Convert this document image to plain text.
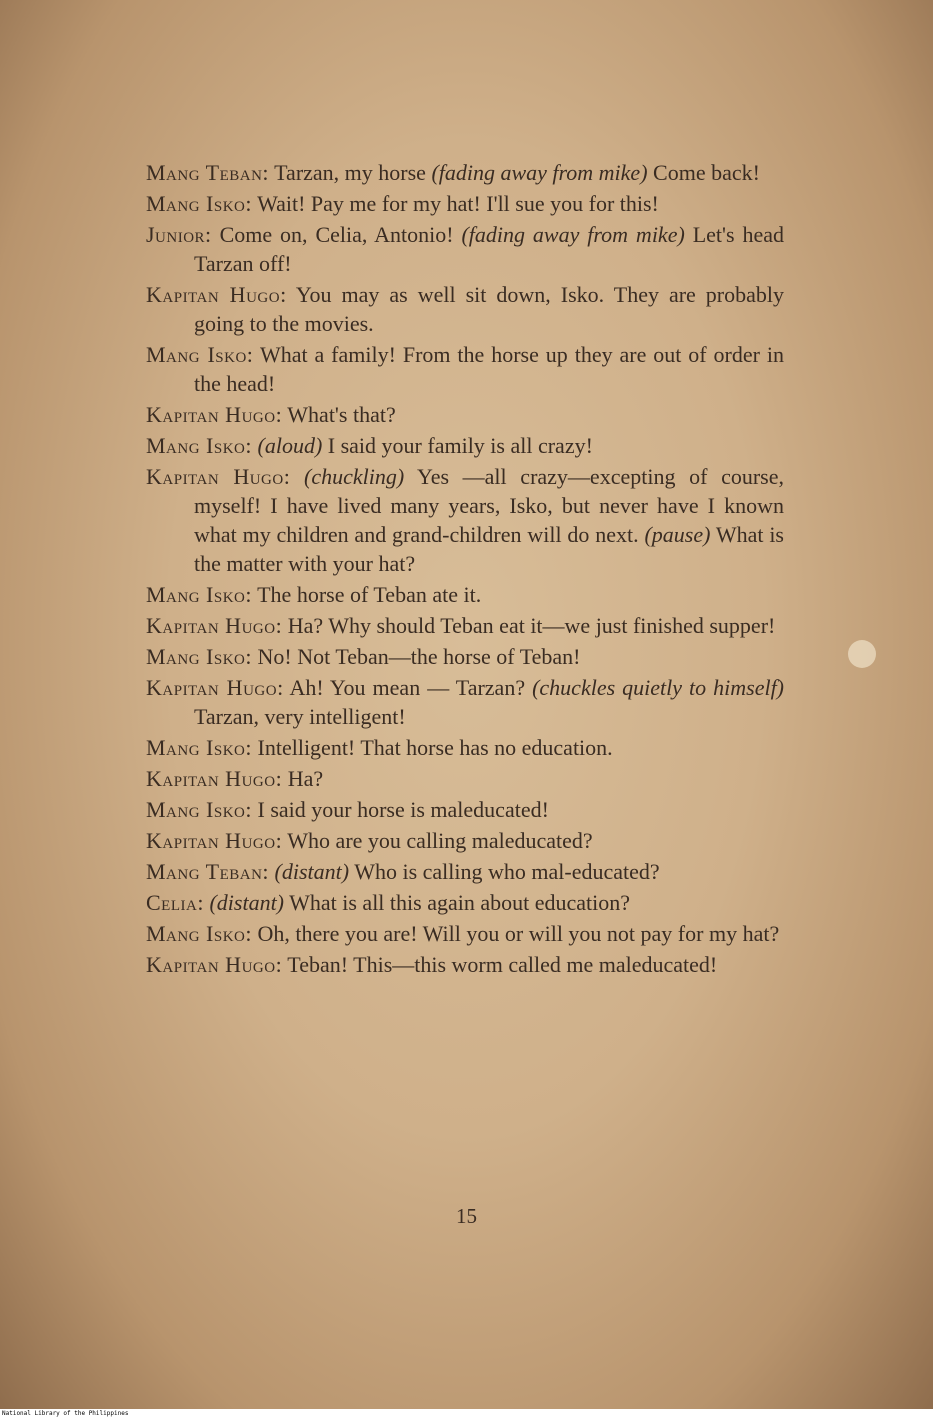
Mang Teban: Tarzan, my horse (fading away from mike) Come back!

Mang Isko: Wait! Pay me for my hat! I'll sue you for this!

Junior: Come on, Celia, Antonio! (fading away from mike) Let's head Tarzan off!

Kapitan Hugo: You may as well sit down, Isko. They are probably going to the movies.

Mang Isko: What a family! From the horse up they are out of order in the head!

Kapitan Hugo: What's that?

Mang Isko: (aloud) I said your family is all crazy!

Kapitan Hugo: (chuckling) Yes —all crazy—excepting of course, myself! I have lived many years, Isko, but never have I known what my children and grand-children will do next. (pause) What is the matter with your hat?

Mang Isko: The horse of Teban ate it.

Kapitan Hugo: Ha? Why should Teban eat it—we just finished supper!

Mang Isko: No! Not Teban—the horse of Teban!

Kapitan Hugo: Ah! You mean — Tarzan? (chuckles quietly to himself) Tarzan, very intelligent!

Mang Isko: Intelligent! That horse has no education.

Kapitan Hugo: Ha?

Mang Isko: I said your horse is maleducated!

Kapitan Hugo: Who are you calling maleducated?

Mang Teban: (distant) Who is calling who mal-educated?

Celia: (distant) What is all this again about education?

Mang Isko: Oh, there you are! Will you or will you not pay for my hat?

Kapitan Hugo: Teban! This—this worm called me maleducated!

15
National Library of the Philippines
